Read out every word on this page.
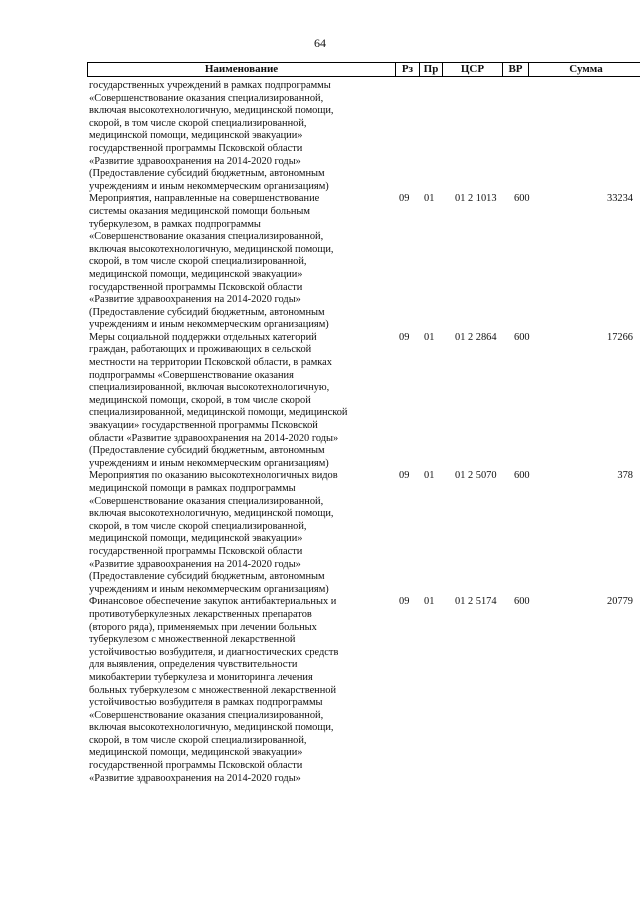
64
Наименование	Рз Пр	ЦСР	ВР	Сумма
государственных учреждений в рамках подпрограммы
«Совершенствование оказания специализированной,
включая высокотехнологичную, медицинской помощи,
скорой, в том числе скорой специализированной,
медицинской помощи, медицинской эвакуации»
государственной программы Псковской области
«Развитие здравоохранения на 2014-2020 годы»
(Предоставление субсидий бюджетным, автономным
учреждениям и иным некоммерческим организациям)
Мероприятия, направленные на совершенствование
системы оказания медицинской помощи больным
туберкулезом, в рамках подпрограммы
«Совершенствование оказания специализированной,
включая высокотехнологичную, медицинской помощи,
скорой, в том числе скорой специализированной,
медицинской помощи, медицинской эвакуации»
государственной программы Псковской области
«Развитие здравоохранения на 2014-2020 годы»
(Предоставление субсидий бюджетным, автономным
учреждениям и иным некоммерческим организациям)
09 01 01 2 1013 600	33234
Меры социальной поддержки отдельных категорий
граждан, работающих и проживающих в сельской
местности на территории Псковской области, в рамках
подпрограммы «Совершенствование оказания
специализированной, включая высокотехнологичную,
медицинской помощи, скорой, в том числе скорой
специализированной, медицинской помощи, медицинской
эвакуации» государственной программы Псковской
области «Развитие здравоохранения на 2014-2020 годы»
(Предоставление субсидий бюджетным, автономным
учреждениям и иным некоммерческим организациям)
09 01 01 2 2864 600	17266
Мероприятия по оказанию высокотехнологичных видов
медицинской помощи в рамках подпрограммы
«Совершенствование оказания специализированной,
включая высокотехнологичную, медицинской помощи,
скорой, в том числе скорой специализированной,
медицинской помощи, медицинской эвакуации»
государственной программы Псковской области
«Развитие здравоохранения на 2014-2020 годы»
(Предоставление субсидий бюджетным, автономным
учреждениям и иным некоммерческим организациям)
09 01 01 2 5070 600	378
Финансовое обеспечение закупок антибактериальных и
противотуберкулезных лекарственных препаратов
(второго ряда), применяемых при лечении больных
туберкулезом с множественной лекарственной
устойчивостью возбудителя, и диагностических средств
для выявления, определения чувствительности
микобактерии туберкулеза и мониторинга лечения
больных туберкулезом с множественной лекарственной
устойчивостью возбудителя в рамках подпрограммы
«Совершенствование оказания специализированной,
включая высокотехнологичную, медицинской помощи,
скорой, в том числе скорой специализированной,
медицинской помощи, медицинской эвакуации»
государственной программы Псковской области
«Развитие здравоохранения на 2014-2020 годы»
09 01 01 2 5174 600	20779
